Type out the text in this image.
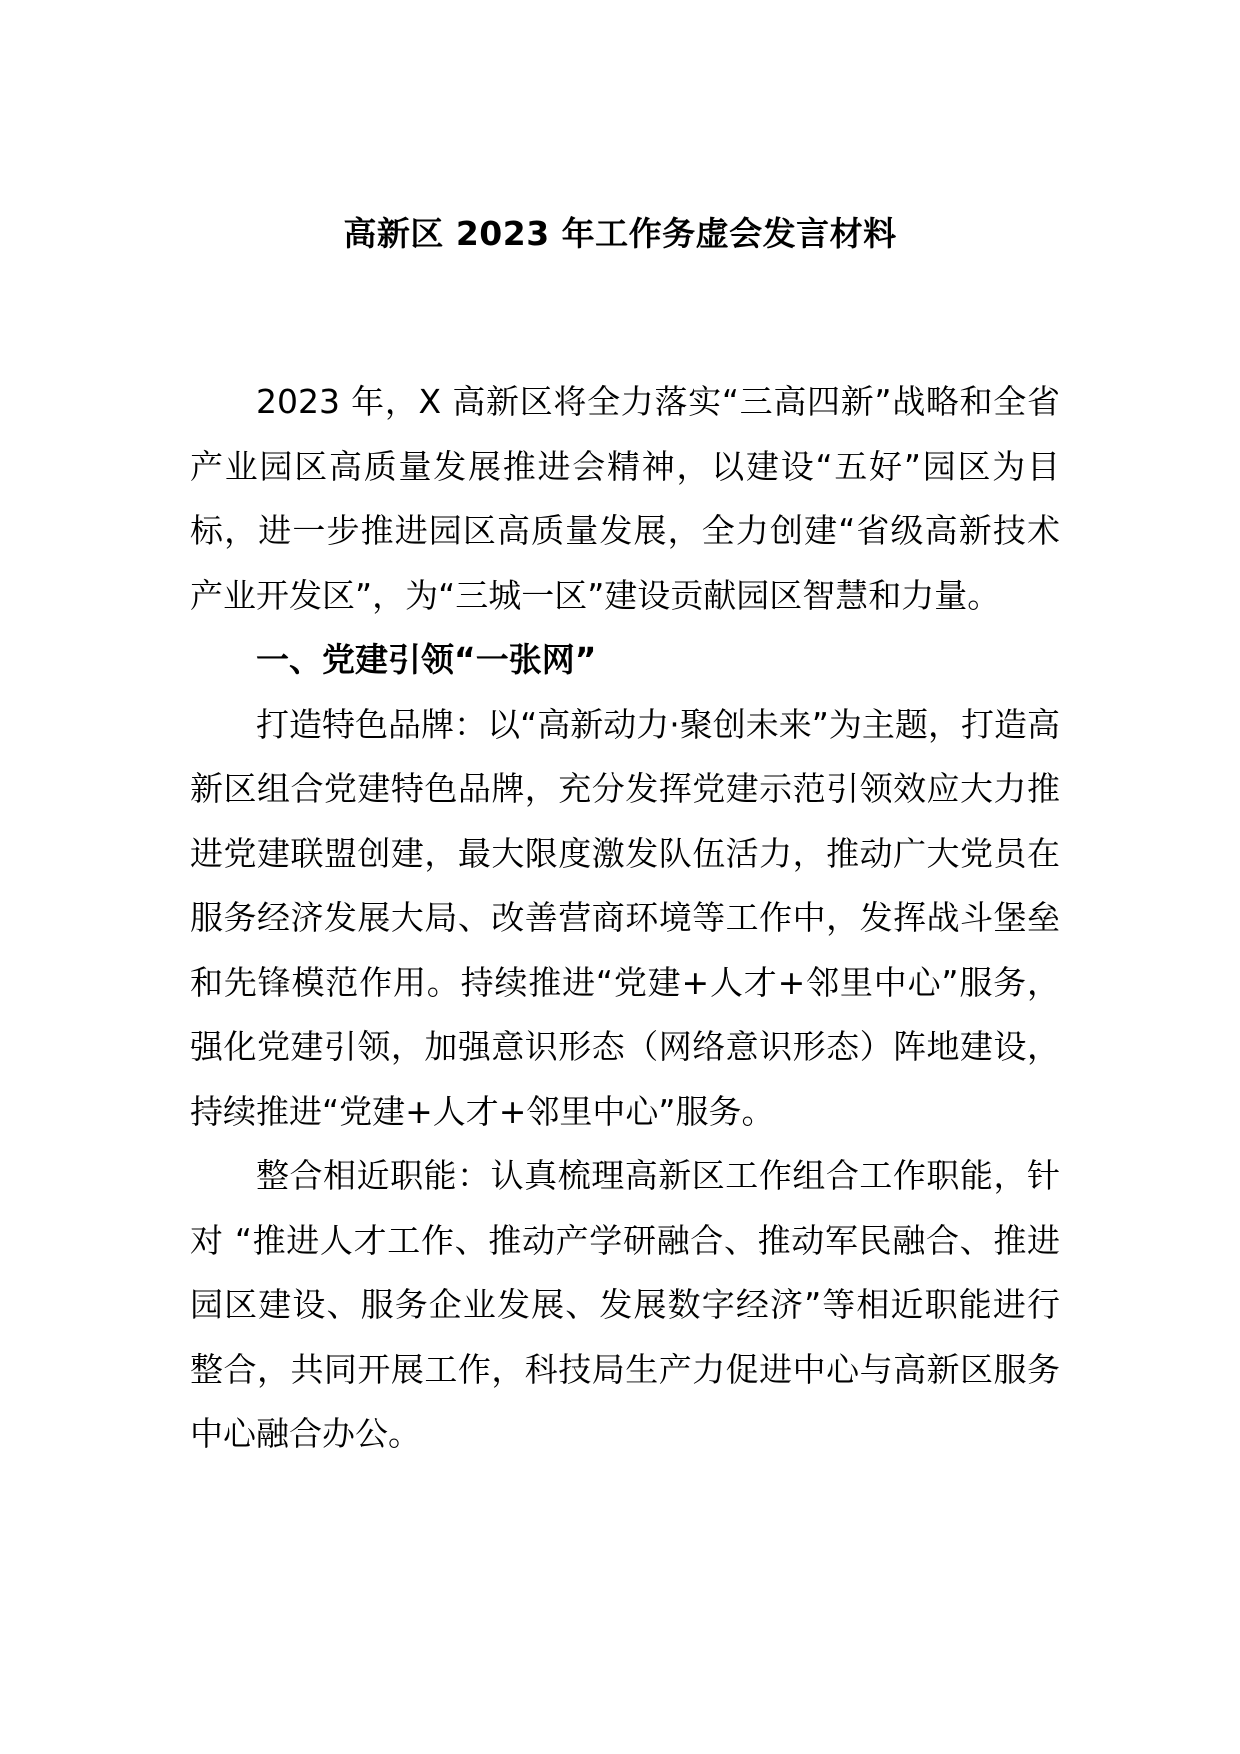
高新区 2023 年工作务虚会发言材料

2023 年，X 高新区将全力落实“三高四新”战略和全省产业园区高质量发展推进会精神，以建设“五好”园区为目标，进一步推进园区高质量发展，全力创建“省级高新技术产业开发区”，为“三城一区”建设贡献园区智慧和力量。

一、党建引领“一张网”

打造特色品牌：以“高新动力·聚创未来”为主题，打造高新区组合党建特色品牌，充分发挥党建示范引领效应大力推进党建联盟创建，最大限度激发队伍活力，推动广大党员在服务经济发展大局、改善营商环境等工作中，发挥战斗堡垒和先锋模范作用。持续推进“党建+人才+邻里中心”服务，强化党建引领，加强意识形态（网络意识形态）阵地建设，持续推进“党建+人才+邻里中心”服务。

整合相近职能：认真梳理高新区工作组合工作职能，针对 “推进人才工作、推动产学研融合、推动军民融合、推进园区建设、服务企业发展、发展数字经济”等相近职能进行整合，共同开展工作，科技局生产力促进中心与高新区服务中心融合办公。
